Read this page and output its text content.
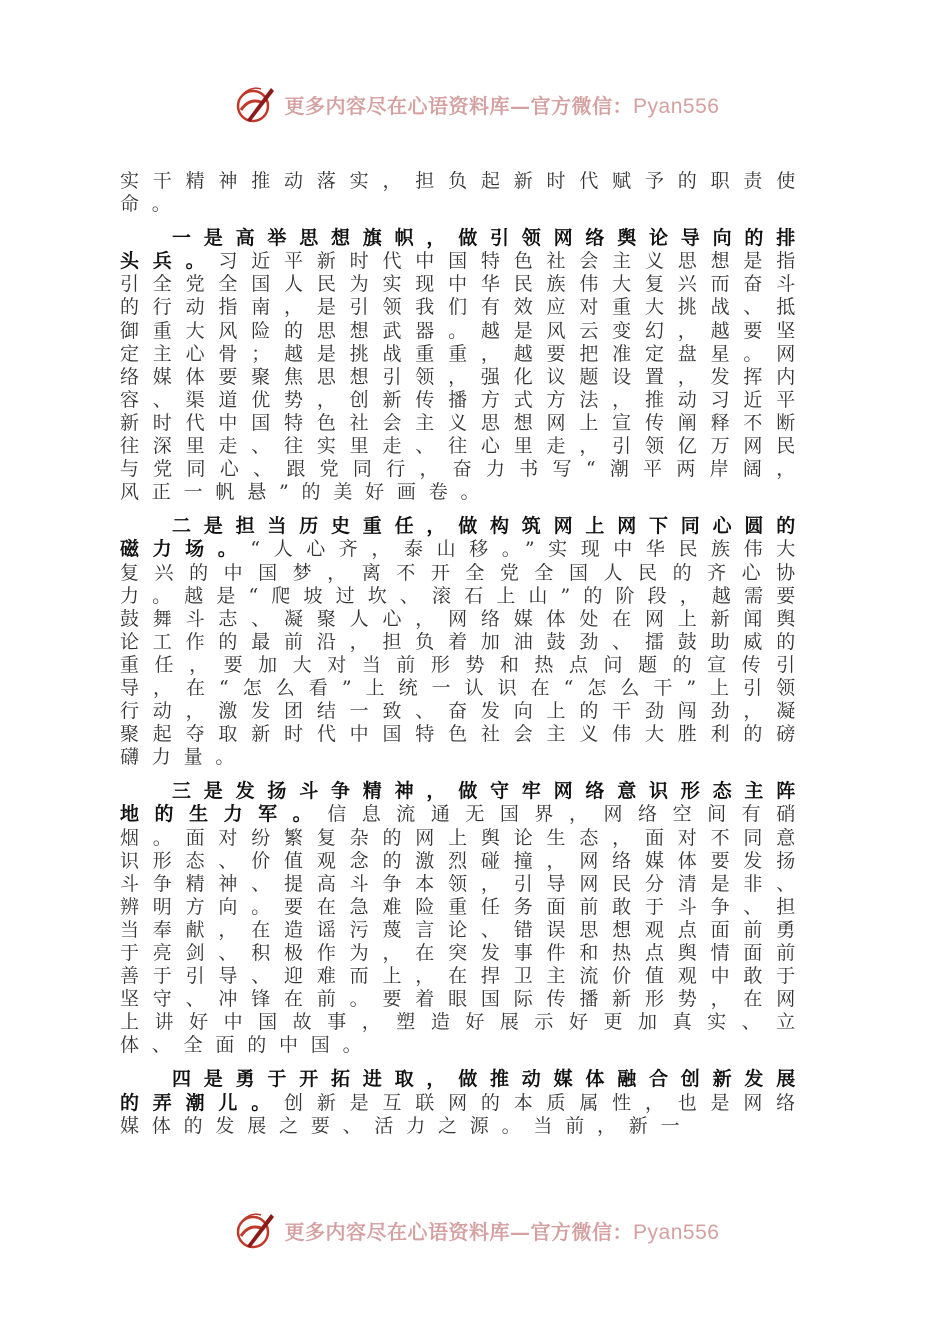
更多内容尽在心语资料库—官方微信：Pyan556

实干精神推动落实，担负起新时代赋予的职责使命。

一是高举思想旗帜，做引领网络舆论导向的排头兵。习近平新时代中国特色社会主义思想是指引全党全国人民为实现中华民族伟大复兴而奋斗的行动指南，是引领我们有效应对重大挑战、抵御重大风险的思想武器。越是风云变幻，越要坚定主心骨；越是挑战重重，越要把准定盘星。网络媒体要聚焦思想引领，强化议题设置，发挥内容、渠道优势，创新传播方式方法，推动习近平新时代中国特色社会主义思想网上宣传阐释不断往深里走、往实里走、往心里走，引领亿万网民与党同心、跟党同行，奋力书写“潮平两岸阔，风正一帆悬”的美好画卷。

二是担当历史重任，做构筑网上网下同心圆的磁力场。“人心齐，泰山移。”实现中华民族伟大复兴的中国梦，离不开全党全国人民的齐心协力。越是“爬坡过坎、滚石上山”的阶段，越需要鼓舞斗志、凝聚人心，网络媒体处在网上新闻舆论工作的最前沿，担负着加油鼓劲、擂鼓助威的重任，要加大对当前形势和热点问题的宣传引导，在“怎么看”上统一认识在“怎么干”上引领行动，激发团结一致、奋发向上的干劲闯劲，凝聚起夺取新时代中国特色社会主义伟大胜利的磅礴力量。

三是发扬斗争精神，做守牢网络意识形态主阵地的生力军。信息流通无国界，网络空间有硝烟。面对纷繁复杂的网上舆论生态，面对不同意识形态、价值观念的激烈碰撞，网络媒体要发扬斗争精神、提高斗争本领，引导网民分清是非、辨明方向。要在急难险重任务面前敢于斗争、担当奉献，在造谣污蔑言论、错误思想观点面前勇于亮剑、积极作为，在突发事件和热点舆情面前善于引导、迎难而上，在捍卫主流价值观中敢于坚守、冲锋在前。要着眼国际传播新形势，在网上讲好中国故事，塑造好展示好更加真实、立体、全面的中国。

四是勇于开拓进取，做推动媒体融合创新发展的弄潮儿。创新是互联网的本质属性，也是网络媒体的发展之要、活力之源。当前，新一

更多内容尽在心语资料库—官方微信：Pyan556
